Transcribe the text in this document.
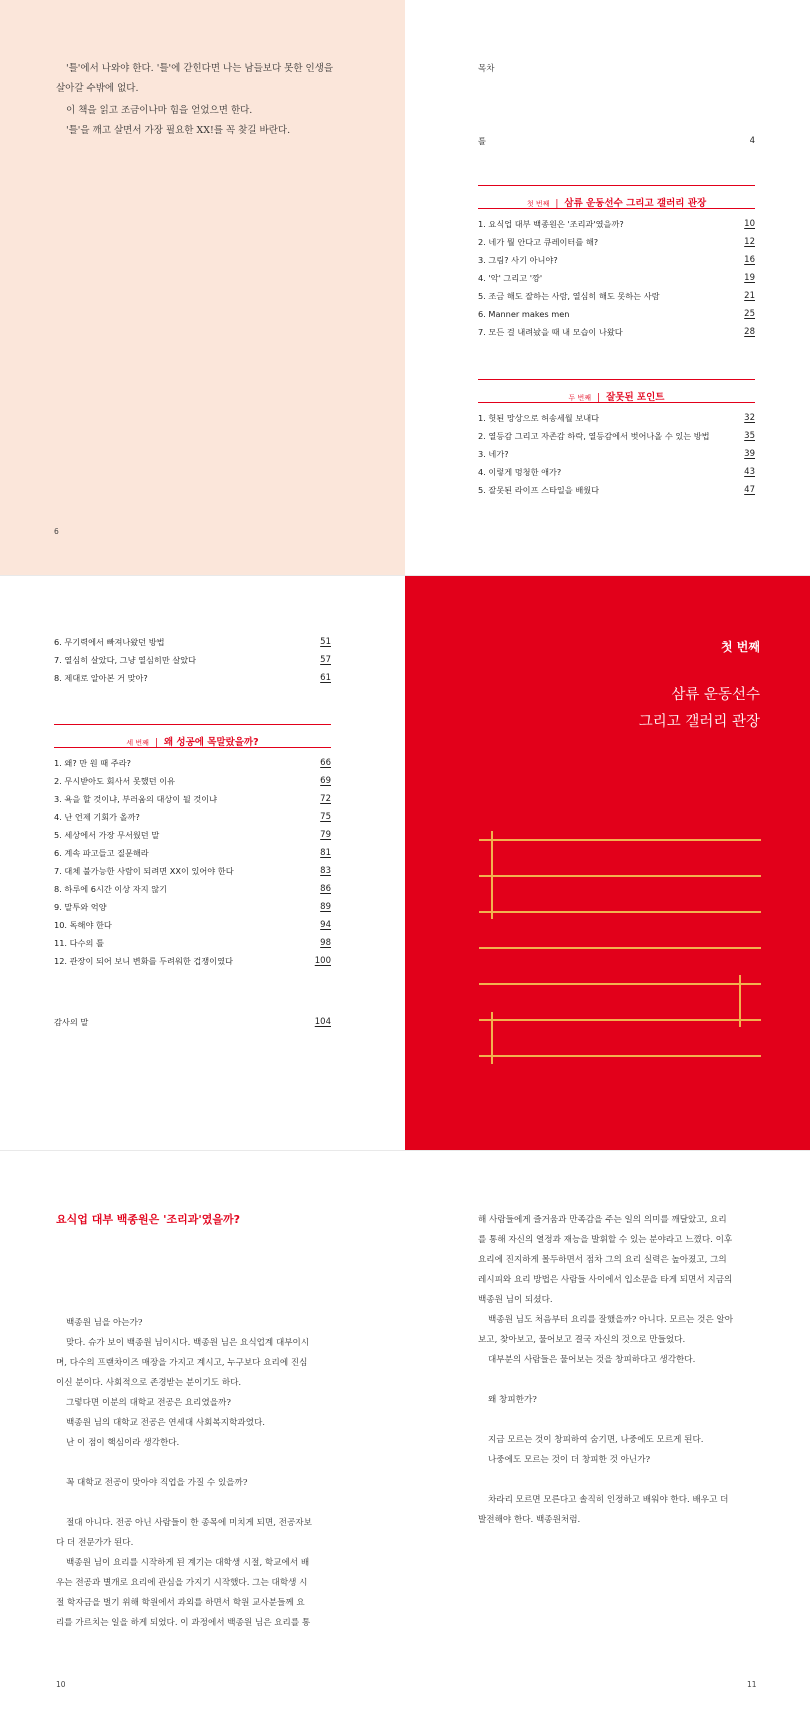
'틀'에서 나와야 한다. '틀'에 갇힌다면 나는 남들보다 못한 인생을
살아갈 수밖에 없다.
이 책을 읽고 조금이나마 힘을 얻었으면 한다.
'틀'을 깨고 살면서 가장 필요한 XX!를 꼭 찾길 바란다.
6
목차
틀	4
첫 번째 | 삼류 운동선수 그리고 갤러리 관장
1. 요식업 대부 백종원은 '조리과'였을까?	10
2. 네가 뭘 안다고 큐레이터를 해?	12
3. 그림? 사기 아니야?	16
4. '악' 그리고 '깡'	19
5. 조금 해도 잘하는 사람, 열심히 해도 못하는 사람	21
6. Manner makes men	25
7. 모든 걸 내려놨을 때 내 모습이 나왔다	28
두 번째 | 잘못된 포인트
1. 헛된 망상으로 허송세월 보내다	32
2. 열등감 그리고 자존감 하락, 열등감에서 벗어나올 수 있는 방법	35
3. 네가?	39
4. 이렇게 멍청한 애가?	43
5. 잘못된 라이프 스타일을 배웠다	47
6. 무기력에서 빠져나왔던 방법	51
7. 열심히 살았다, 그냥 열심히만 살았다	57
8. 제대로 알아본 거 맞아?	61
세 번째 | 왜 성공에 목말랐을까?
1. 왜? 만 원 때 주라?	66
2. 무시받아도 회사서 못했던 이유	69
3. 욕을 할 것이냐, 부러움의 대상이 될 것이냐	72
4. 난 언제 기회가 올까?	75
5. 세상에서 가장 무서웠던 말	79
6. 계속 파고들고 질문해라	81
7. 대체 불가능한 사람이 되려면 XX이 있어야 한다	83
8. 하루에 6시간 이상 자지 않기	86
9. 말투와 억양	89
10. 독해야 한다	94
11. 다수의 틀	98
12. 관장이 되어 보니 변화를 두려워한 겁쟁이였다	100
감사의 말	104
첫 번째
삼류 운동선수
그리고 갤러리 관장
요식업 대부 백종원은 '조리과'였을까?
백종원 님을 아는가?
맞다. 슈가 보이 백종원 님이시다. 백종원 님은 요식업계 대부이시
며, 다수의 프랜차이즈 매장을 가지고 계시고, 누구보다 요리에 진심
이신 분이다. 사회적으로 존경받는 분이기도 하다.
그렇다면 이분의 대학교 전공은 요리였을까?
백종원 님의 대학교 전공은 연세대 사회복지학과였다.
난 이 점이 핵심이라 생각한다.
꼭 대학교 전공이 맞아야 직업을 가질 수 있을까?
절대 아니다. 전공 아닌 사람들이 한 종목에 미치게 되면, 전공자보
다 더 전문가가 된다.
백종원 님이 요리를 시작하게 된 계기는 대학생 시절, 학교에서 배
우는 전공과 별개로 요리에 관심을 가지기 시작했다. 그는 대학생 시
절 학자금을 벌기 위해 학원에서 과외를 하면서 학원 교사분들께 요
리를 가르치는 일을 하게 되었다. 이 과정에서 백종원 님은 요리를 통
10
해 사람들에게 즐거움과 만족감을 주는 일의 의미를 깨달았고, 요리
를 통해 자신의 열정과 재능을 발휘할 수 있는 분야라고 느꼈다. 이후
요리에 진지하게 몰두하면서 점차 그의 요리 실력은 높아졌고, 그의
레시피와 요리 방법은 사람들 사이에서 입소문을 타게 되면서 지금의
백종원 님이 되셨다.
백종원 님도 처음부터 요리를 잘했을까? 아니다. 모르는 것은 알아
보고, 찾아보고, 물어보고 결국 자신의 것으로 만들었다.
대부분의 사람들은 물어보는 것을 창피하다고 생각한다.
왜 창피한가?
지금 모르는 것이 창피하여 숨기면, 나중에도 모르게 된다.
나중에도 모르는 것이 더 창피한 것 아닌가?
차라리 모르면 모른다고 솔직히 인정하고 배워야 한다. 배우고 더
발전해야 한다. 백종원처럼.
11
